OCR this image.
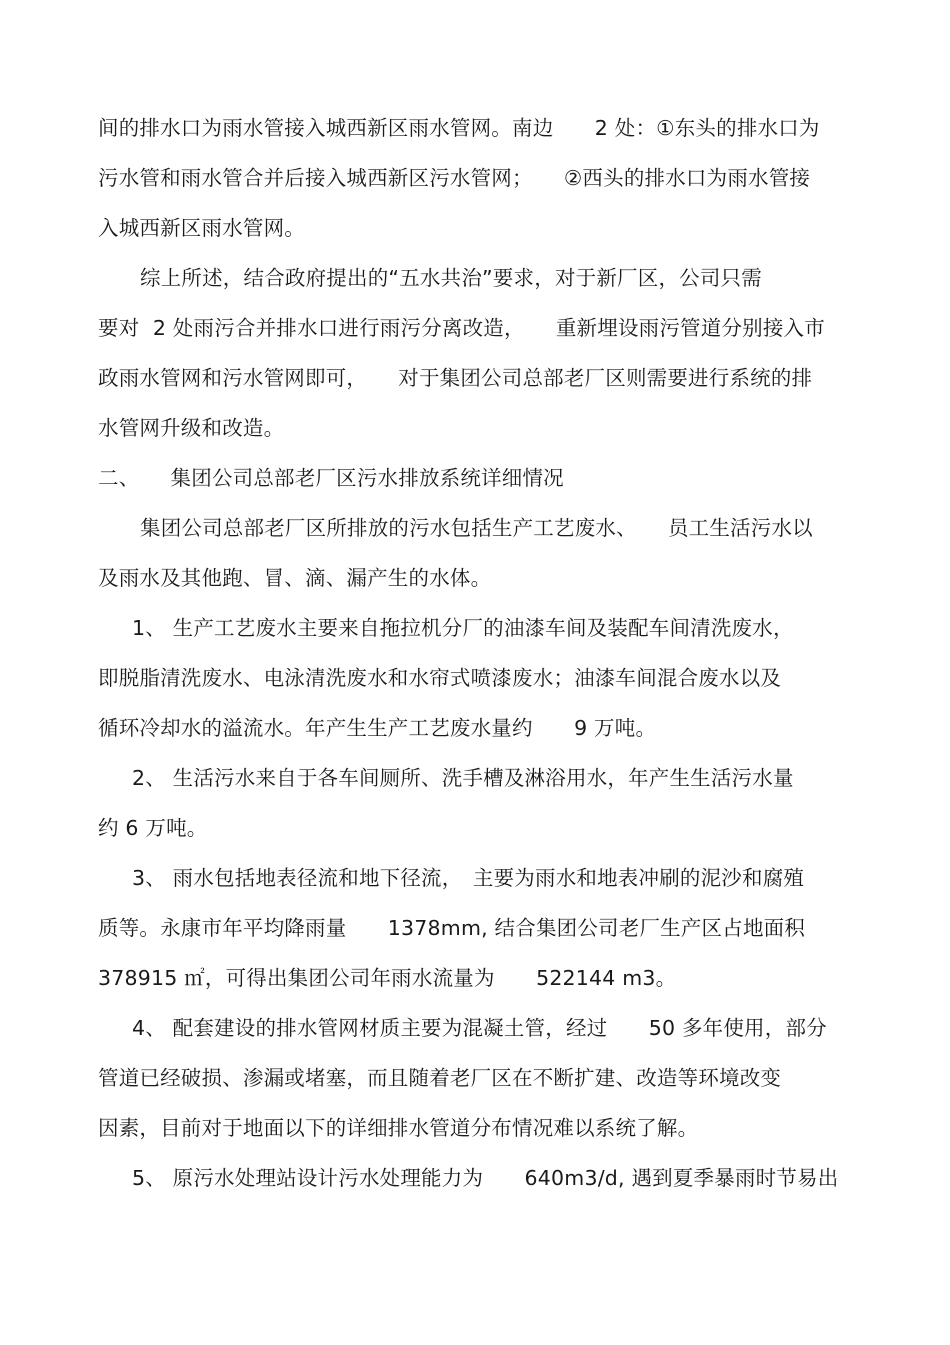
间的排水口为雨水管接入城西新区雨水管网。南边　　2 处：①东头的排水口为
污水管和雨水管合并后接入城西新区污水管网；　　②西头的排水口为雨水管接
入城西新区雨水管网。
综上所述，结合政府提出的“五水共治”要求，对于新厂区，公司只需
要对  2 处雨污合并排水口进行雨污分离改造，　　重新埋设雨污管道分别接入市
政雨水管网和污水管网即可，　　对于集团公司总部老厂区则需要进行系统的排
水管网升级和改造。
二、　　集团公司总部老厂区污水排放系统详细情况
集团公司总部老厂区所排放的污水包括生产工艺废水、　　员工生活污水以
及雨水及其他跑、冒、滴、漏产生的水体。
1、 生产工艺废水主要来自拖拉机分厂的油漆车间及装配车间清洗废水，
即脱脂清洗废水、电泳清洗废水和水帘式喷漆废水；油漆车间混合废水以及
循环冷却水的溢流水。年产生生产工艺废水量约　　9 万吨。
2、 生活污水来自于各车间厕所、洗手槽及淋浴用水，年产生生活污水量
约 6 万吨。
3、 雨水包括地表径流和地下径流，　主要为雨水和地表冲刷的泥沙和腐殖
质等。永康市年平均降雨量　　1378mm, 结合集团公司老厂生产区占地面积
378915 ㎡，可得出集团公司年雨水流量为　　522144 m3。
4、 配套建设的排水管网材质主要为混凝土管，经过　　50 多年使用，部分
管道已经破损、渗漏或堵塞，而且随着老厂区在不断扩建、改造等环境改变
因素，目前对于地面以下的详细排水管道分布情况难以系统了解。
5、 原污水处理站设计污水处理能力为　　640m3/d, 遇到夏季暴雨时节易出
